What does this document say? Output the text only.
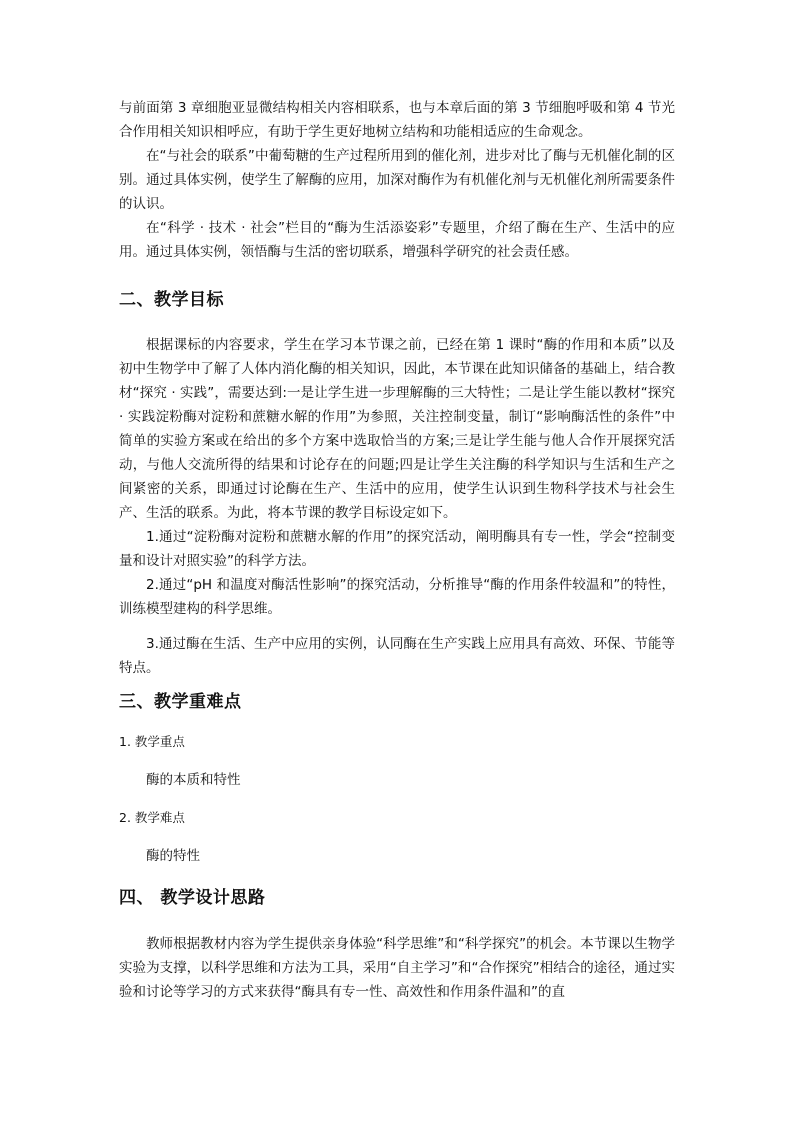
与前面第 3 章细胞亚显微结构相关内容相联系，也与本章后面的第 3 节细胞呼吸和第 4 节光合作用相关知识相呼应，有助于学生更好地树立结构和功能相适应的生命观念。

在“与社会的联系”中葡萄糖的生产过程所用到的催化剂，进步对比了酶与无机催化制的区别。通过具体实例，使学生了解酶的应用，加深对酶作为有机催化剂与无机催化剂所需要条件的认识。

在“科学 · 技术 · 社会”栏目的“酶为生活添姿彩”专题里，介绍了酶在生产、生活中的应用。通过具体实例，领悟酶与生活的密切联系，增强科学研究的社会责任感。

二、教学目标

根据课标的内容要求，学生在学习本节课之前，已经在第 1 课时“酶的作用和本质”以及初中生物学中了解了人体内消化酶的相关知识，因此，本节课在此知识储备的基础上，结合教材“探究 · 实践”，需要达到:一是让学生进一步理解酶的三大特性；二是让学生能以教材“探究 · 实践淀粉酶对淀粉和蔗糖水解的作用”为参照，关注控制变量，制订“影响酶活性的条件”中简单的实验方案或在给出的多个方案中选取恰当的方案;三是让学生能与他人合作开展探究活动，与他人交流所得的结果和讨论存在的问题;四是让学生关注酶的科学知识与生活和生产之间紧密的关系，即通过讨论酶在生产、生活中的应用，使学生认识到生物科学技术与社会生产、生活的联系。为此，将本节课的教学目标设定如下。

1.通过“淀粉酶对淀粉和蔗糖水解的作用”的探究活动，阐明酶具有专一性，学会“控制变量和设计对照实验”的科学方法。

2.通过“pH 和温度对酶活性影响”的探究活动，分析推导“酶的作用条件较温和”的特性，训练模型建构的科学思维。

3.通过酶在生活、生产中应用的实例，认同酶在生产实践上应用具有高效、环保、节能等特点。

三、教学重难点

1. 教学重点

酶的本质和特性

2. 教学难点

酶的特性

四、 教学设计思路

教师根据教材内容为学生提供亲身体验“科学思维”和“科学探究”的机会。本节课以生物学实验为支撑，以科学思维和方法为工具，采用“自主学习”和“合作探究”相结合的途径，通过实验和讨论等学习的方式来获得“酶具有专一性、高效性和作用条件温和”的直
